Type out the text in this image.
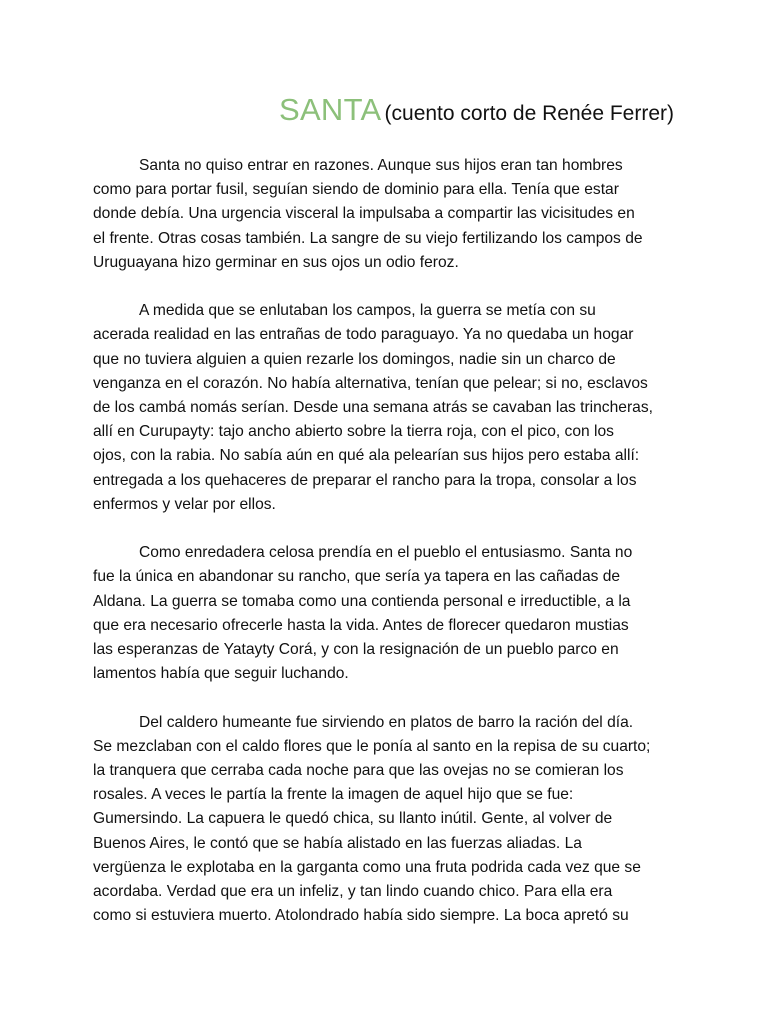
SANTA (cuento corto de Renée Ferrer)
Santa no quiso entrar en razones. Aunque sus hijos eran tan hombres
como para portar fusil, seguían siendo de dominio para ella. Tenía que estar
donde debía. Una urgencia visceral la impulsaba a compartir las vicisitudes en
el frente. Otras cosas también. La sangre de su viejo fertilizando los campos de
Uruguayana hizo germinar en sus ojos un odio feroz.
A medida que se enlutaban los campos, la guerra se metía con su
acerada realidad en las entrañas de todo paraguayo. Ya no quedaba un hogar
que no tuviera alguien a quien rezarle los domingos, nadie sin un charco de
venganza en el corazón. No había alternativa, tenían que pelear; si no, esclavos
de los cambá nomás serían. Desde una semana atrás se cavaban las trincheras,
allí en Curupayty: tajo ancho abierto sobre la tierra roja, con el pico, con los
ojos, con la rabia. No sabía aún en qué ala pelearían sus hijos pero estaba allí:
entregada a los quehaceres de preparar el rancho para la tropa, consolar a los
enfermos y velar por ellos.
Como enredadera celosa prendía en el pueblo el entusiasmo. Santa no
fue la única en abandonar su rancho, que sería ya tapera en las cañadas de
Aldana. La guerra se tomaba como una contienda personal e irreductible, a la
que era necesario ofrecerle hasta la vida. Antes de florecer quedaron mustias
las esperanzas de Yatayty Corá, y con la resignación de un pueblo parco en
lamentos había que seguir luchando.
Del caldero humeante fue sirviendo en platos de barro la ración del día.
Se mezclaban con el caldo flores que le ponía al santo en la repisa de su cuarto;
la tranquera que cerraba cada noche para que las ovejas no se comieran los
rosales. A veces le partía la frente la imagen de aquel hijo que se fue:
Gumersindo. La capuera le quedó chica, su llanto inútil. Gente, al volver de
Buenos Aires, le contó que se había alistado en las fuerzas aliadas. La
vergüenza le explotaba en la garganta como una fruta podrida cada vez que se
acordaba. Verdad que era un infeliz, y tan lindo cuando chico. Para ella era
como si estuviera muerto. Atolondrado había sido siempre. La boca apretó su
